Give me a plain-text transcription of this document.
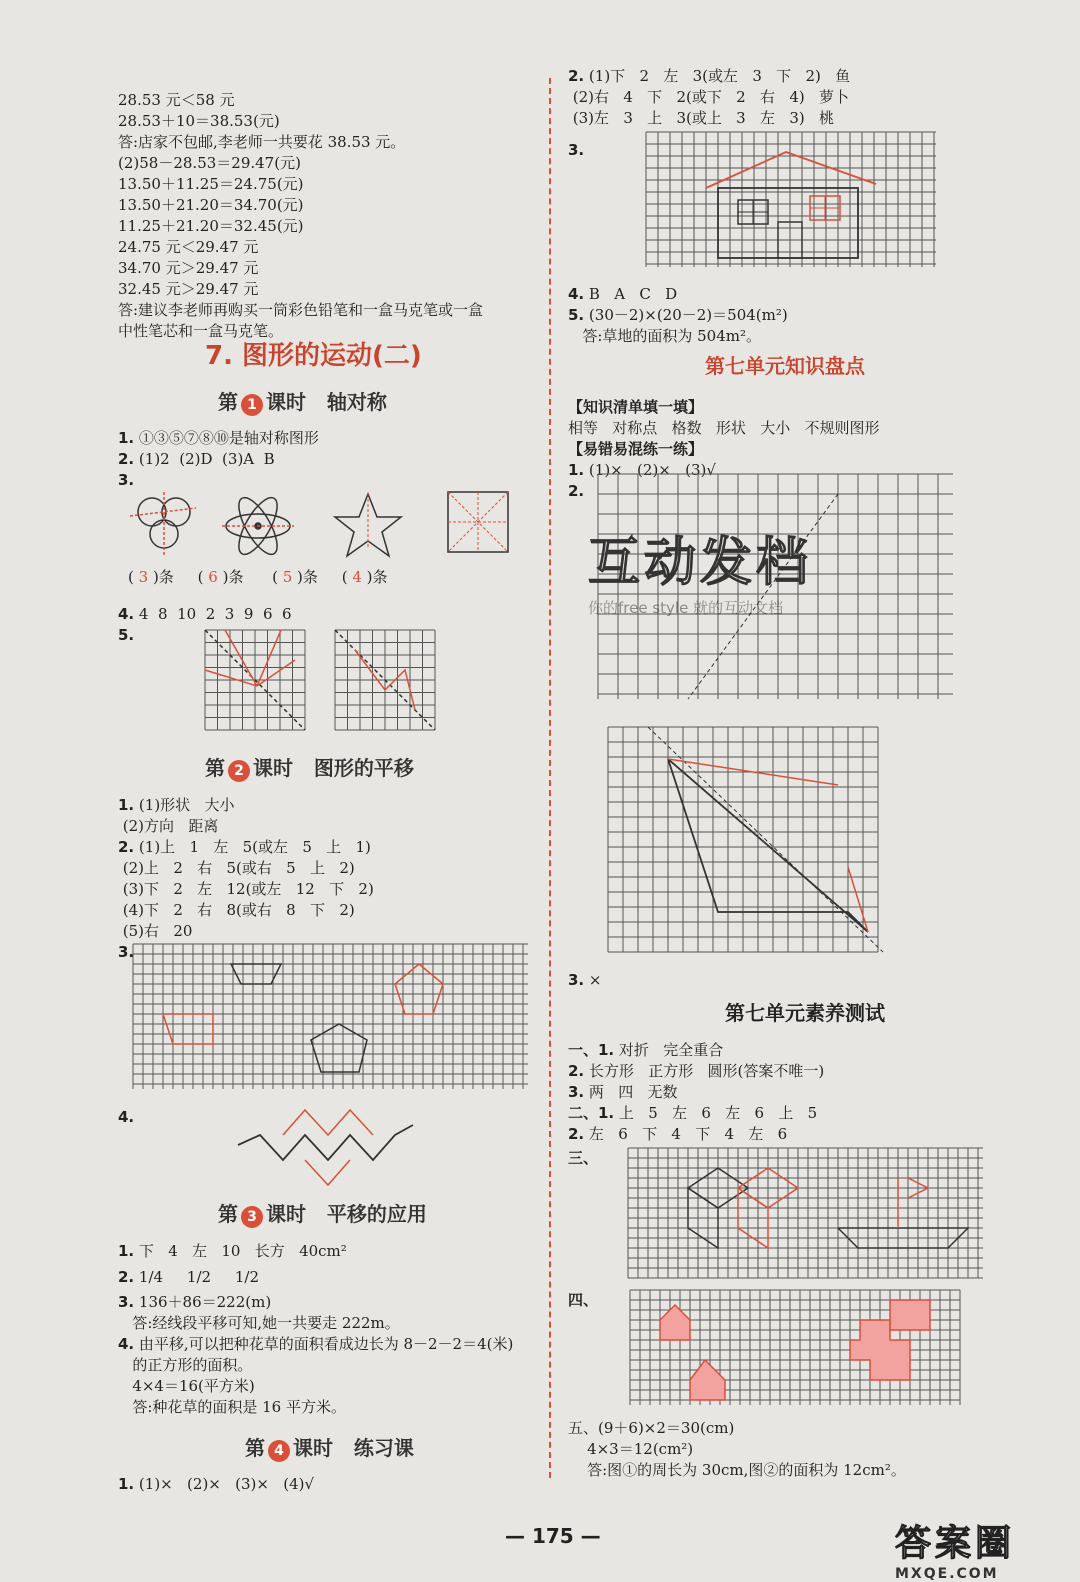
28.53 元＜58 元

28.53＋10＝38.53(元)

答:店家不包邮,李老师一共要花 38.53 元。

(2)58－28.53＝29.47(元)

13.50＋11.25＝24.75(元)

13.50＋21.20＝34.70(元)

11.25＋21.20＝32.45(元)

24.75 元＜29.47 元

34.70 元＞29.47 元

32.45 元＞29.47 元

答:建议李老师再购买一筒彩色铅笔和一盒马克笔或一盒

中性笔芯和一盒马克笔。

7. 图形的运动(二)
第 1 课时 轴对称

1. ①③⑤⑦⑧⑩是轴对称图形

2. (1)2  (2)D  (3)A  B

3.

( 3 )条     ( 6 )条      ( 5 )条     ( 4 )条

4. 4  8  10  2  3  9  6  6

5.

第 2 课时 图形的平移

1. (1)形状   大小

(2)方向   距离

2. (1)上   1   左   5(或左   5   上   1)

(2)上   2   右   5(或右   5   上   2)

(3)下   2   左   12(或左   12   下   2)

(4)下   2   右   8(或右   8   下   2)

(5)右   20

3.

4.

第 3 课时 平移的应用

1. 下   4   左   10   长方   40cm²

2. 1/4 1/2 1/2

3. 136＋86＝222(m)

答:经线段平移可知,她一共要走 222m。

4. 由平移,可以把种花草的面积看成边长为 8－2－2＝4(米)

的正方形的面积。

4×4＝16(平方米)

答:种花草的面积是 16 平方米。

第 4 课时 练习课

1. (1)×   (2)×   (3)×   (4)√

2. (1)下   2   左   3(或左   3   下   2)   鱼

(2)右   4   下   2(或下   2   右   4)   萝卜

(3)左   3   上   3(或上   3   左   3)   桃

3.

4. B   A   C   D

5. (30－2)×(20－2)＝504(m²)

答:草地的面积为 504m²。

第七单元知识盘点

【知识清单填一填】

相等   对称点   格数   形状   大小   不规则图形

【易错易混练一练】

1. (1)×   (2)×   (3)√

2.

3. ×

第七单元素养测试

一、1. 对折   完全重合

2. 长方形   正方形   圆形(答案不唯一)

3. 两   四   无数

二、1. 上   5   左   6   左   6   上   5

2. 左   6   下   4   下   4   左   6

三、

四、

五、(9＋6)×2＝30(cm)

4×3＝12(cm²)

答:图①的周长为 30cm,图②的面积为 12cm²。

— 175 —
互动发档
你的free style 就的互动文档
答案圈
MXQE.COM
